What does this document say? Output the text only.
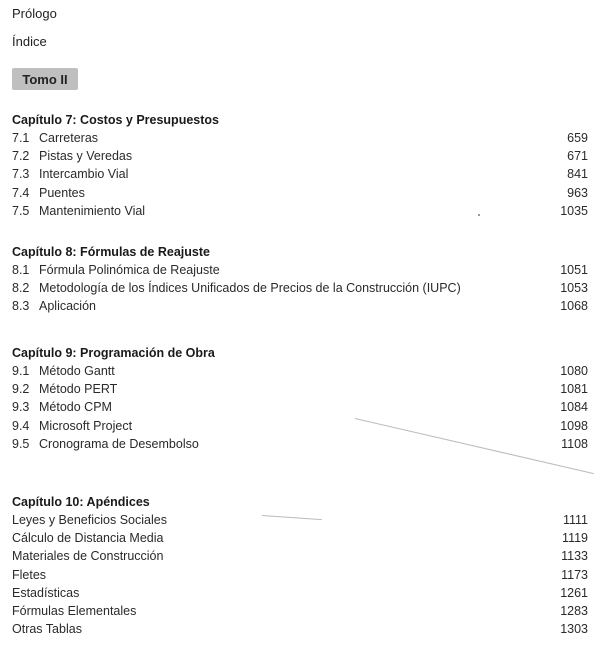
Prólogo
Índice
Tomo II
Capítulo 7: Costos y Presupuestos
7.1 Carreteras	659
7.2 Pistas y Veredas	671
7.3 Intercambio Vial	841
7.4 Puentes	963
7.5 Mantenimiento Vial	1035
Capítulo 8: Fórmulas de Reajuste
8.1 Fórmula Polinómica de Reajuste	1051
8.2 Metodología de los Índices Unificados de Precios de la Construcción (IUPC)	1053
8.3 Aplicación	1068
Capítulo 9: Programación de Obra
9.1 Método Gantt	1080
9.2 Método PERT	1081
9.3 Método CPM	1084
9.4 Microsoft Project	1098
9.5 Cronograma de Desembolso	1108
Capítulo 10: Apéndices
Leyes y Beneficios Sociales	1111
Cálculo de Distancia Media	1119
Materiales de Construcción	1133
Fletes	1173
Estadísticas	1261
Fórmulas Elementales	1283
Otras Tablas	1303
